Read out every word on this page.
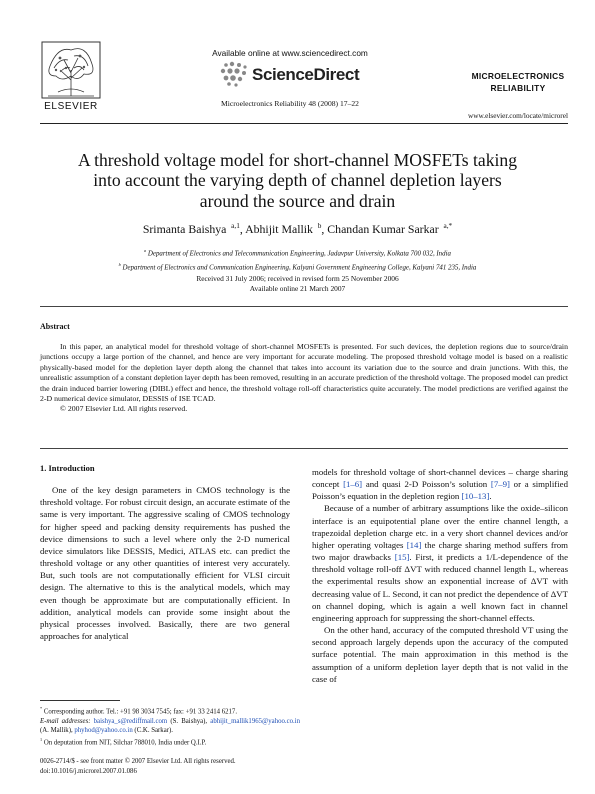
Available online at www.sciencedirect.com
ScienceDirect
Microelectronics Reliability 48 (2008) 17–22
ELSEVIER
MICROELECTRONICS
RELIABILITY
www.elsevier.com/locate/microrel
A threshold voltage model for short-channel MOSFETs taking
into account the varying depth of channel depletion layers
around the source and drain
Srimanta Baishya $^{a,1}$, Abhijit Mallik $^b$, Chandan Kumar Sarkar $^{a,*}$
$^a$ Department of Electronics and Telecommunication Engineering, Jadavpur University, Kolkata 700 032, India
$^b$ Department of Electronics and Communication Engineering, Kalyani Government Engineering College, Kalyani 741 235, India
Received 31 July 2006; received in revised form 25 November 2006
Available online 21 March 2007
Abstract

In this paper, an analytical model for threshold voltage of short-channel MOSFETs is presented. For such devices, the depletion regions due to source/drain junctions occupy a large portion of the channel, and hence are very important for accurate modeling. The proposed threshold voltage model is based on a realistic physically-based model for the depletion layer depth along the channel that takes into account its variation due to the source and drain junctions. With this, the unrealistic assumption of a constant depletion layer depth has been removed, resulting in an accurate prediction of the threshold voltage. The proposed model can predict the drain induced barrier lowering (DIBL) effect and hence, the threshold voltage roll-off characteristics quite accurately. The model predictions are verified against the 2-D numerical device simulator, DESSIS of ISE TCAD.

© 2007 Elsevier Ltd. All rights reserved.

1. Introduction

One of the key design parameters in CMOS technology is the threshold voltage. For robust circuit design, an accurate estimate of the same is very important. The aggressive scaling of CMOS technology for higher speed and packing density requirements has pushed the device dimensions to such a level where only the 2-D numerical device simulators like DESSIS, Medici, ATLAS etc. can predict the threshold voltage or any other quantities of interest very accurately. But, such tools are not computationally efficient for VLSI circuit design. The alternative to this is the analytical models, which may even though be approximate but are computationally efficient. In addition, analytical models can provide some insight about the physical processes involved. Basically, there are two general approaches for analytical

models for threshold voltage of short-channel devices – charge sharing concept [1–6] and quasi 2-D Poisson’s solution [7–9] or a simplified Poisson’s equation in the depletion region [10–13].

Because of a number of arbitrary assumptions like the oxide–silicon interface is an equipotential plane over the entire channel length, a trapezoidal depletion charge etc. in a very short channel devices and/or higher operating voltages [14] the charge sharing method suffers from two major drawbacks [15]. First, it predicts a 1/L-dependence of the threshold voltage roll-off ΔVT with reduced channel length L, whereas the experimental results show an exponential increase of ΔVT with decreasing value of L. Second, it can not predict the dependence of ΔVT on channel doping, which is again a well known fact in channel engineering approach for suppressing the short-channel effects.

On the other hand, accuracy of the computed threshold VT using the second approach largely depends upon the accuracy of the computed surface potential. The main approximation in this method is the assumption of a uniform depletion layer depth that is not valid in the case of

* Corresponding author. Tel.: +91 98 3034 7545; fax: +91 33 2414 6217.

E-mail addresses: baishya_s@rediffmail.com (S. Baishya), abhijit_mallik1965@yahoo.co.in (A. Mallik), phyhod@yahoo.co.in (C.K. Sarkar).

$^1$ On deputation from NIT, Silchar 788010, India under Q.I.P.

0026-2714/$ - see front matter © 2007 Elsevier Ltd. All rights reserved.
doi:10.1016/j.microrel.2007.01.086
